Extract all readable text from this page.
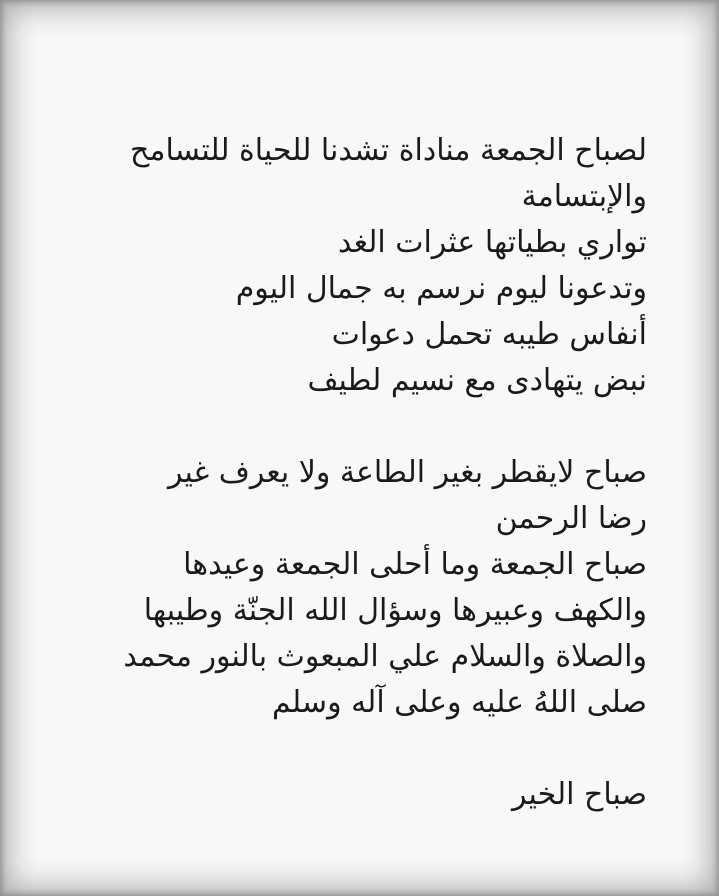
لصباح الجمعة مناداة تشدنا للحياة للتسامح
والإبتسامة
تواري بطياتها عثرات الغد
وتدعونا ليوم نرسم به جمال اليوم
أنفاس طيبه تحمل دعوات
نبض يتهادى مع نسيم لطيف
صباح لايقطر بغير الطاعة ولا يعرف غير
رضا الرحمن
صباح الجمعة وما أحلى الجمعة وعيدها
والكهف وعبيرها وسؤال الله الجنّة وطيبها
والصلاة والسلام علي المبعوث بالنور محمد
صلى اللهُ عليه وعلى آله وسلم
صباح الخير
